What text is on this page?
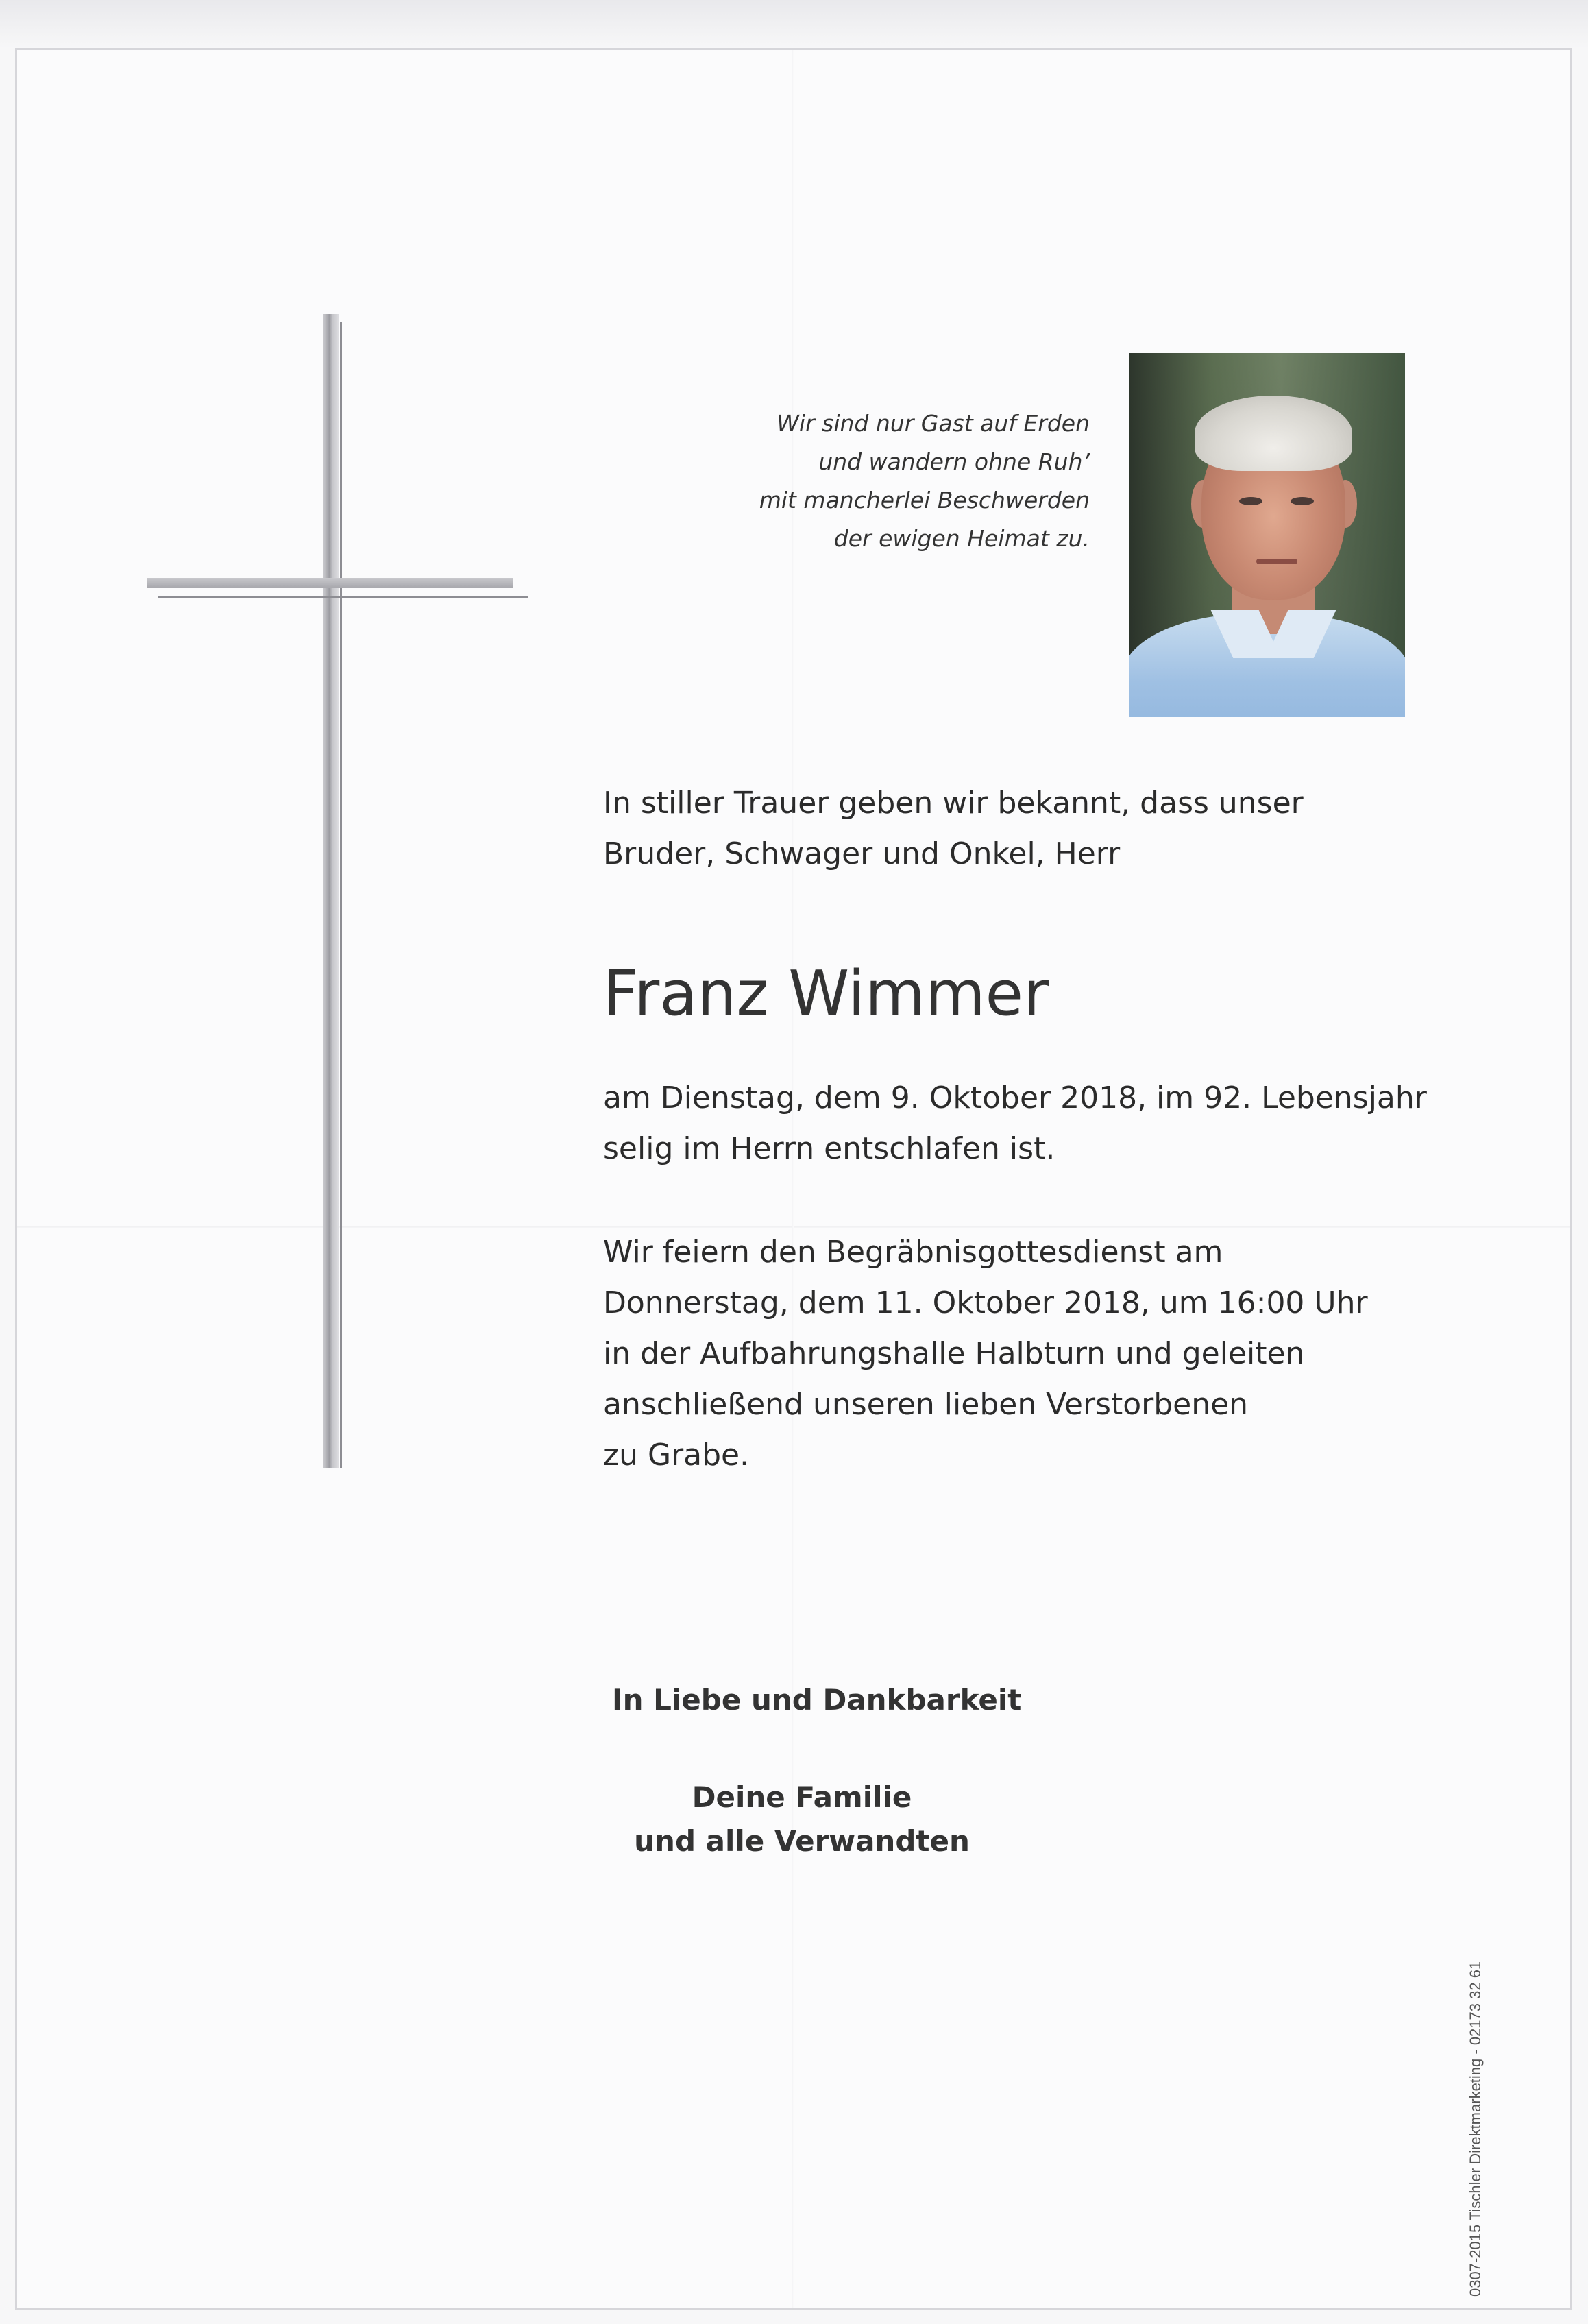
Wir sind nur Gast auf Erden
und wandern ohne Ruh’
mit mancherlei Beschwerden
der ewigen Heimat zu.
In stiller Trauer geben wir bekannt, dass unser
Bruder, Schwager und Onkel, Herr
Franz Wimmer
am Dienstag, dem 9. Oktober 2018, im 92. Lebensjahr
selig im Herrn entschlafen ist.
Wir feiern den Begräbnisgottesdienst am
Donnerstag, dem 11. Oktober 2018, um 16:00 Uhr
in der Aufbahrungshalle Halbturn und geleiten
anschließend unseren lieben Verstorbenen
zu Grabe.
In Liebe und Dankbarkeit
Deine Familie
und alle Verwandten
0307-2015 Tischler Direktmarketing - 02173 32 61
